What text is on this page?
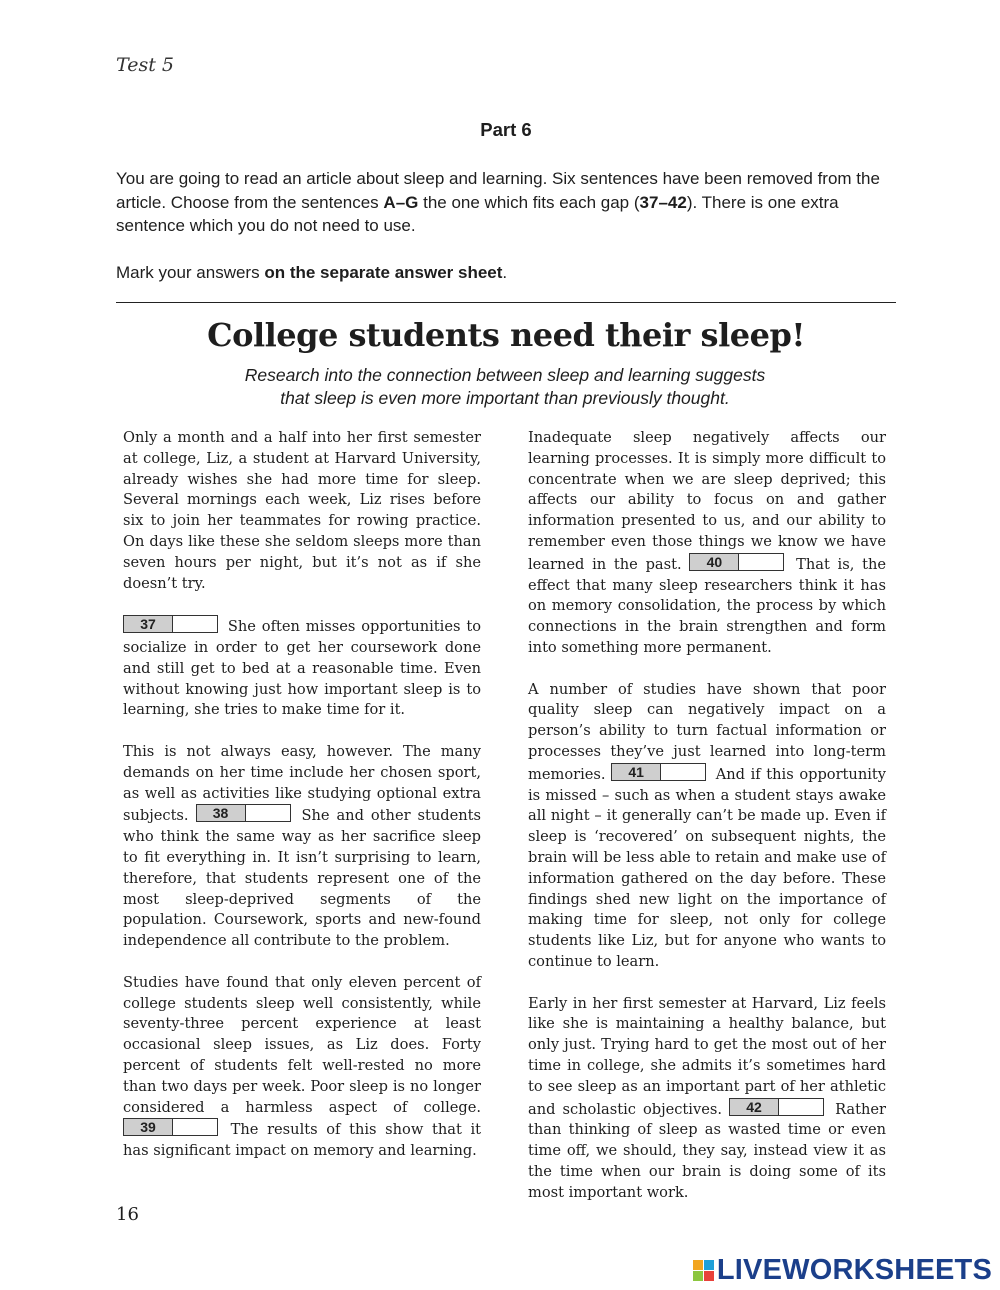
Test 5
Part 6

You are going to read an article about sleep and learning. Six sentences have been removed from the article. Choose from the sentences A–G the one which fits each gap (37–42). There is one extra sentence which you do not need to use.

Mark your answers on the separate answer sheet.

College students need their sleep!
Research into the connection between sleep and learning suggests
that sleep is even more important than previously thought.

Only a month and a half into her first semester at college, Liz, a student at Harvard University, already wishes she had more time for sleep. Several mornings each week, Liz rises before six to join her teammates for rowing practice. On days like these she seldom sleeps more than seven hours per night, but it’s not as if she doesn’t try.

37	She often misses opportunities to socialize in order to get her coursework done and still get to bed at a reasonable time. Even without knowing just how important sleep is to learning, she tries to make time for it.

This is not always easy, however. The many demands on her time include her chosen sport, as well as activities like studying optional extra subjects.	38	She and other students who think the same way as her sacrifice sleep to fit everything in. It isn’t surprising to learn, therefore, that students represent one of the most sleep-deprived segments of the population. Coursework, sports and new-found independence all contribute to the problem.

Studies have found that only eleven percent of college students sleep well consistently, while seventy-three percent experience at least occasional sleep issues, as Liz does. Forty percent of students felt well-rested no more than two days per week. Poor sleep is no longer considered a harmless aspect of college.
39	The results of this show that it has significant impact on memory and learning.

Inadequate sleep negatively affects our learning processes. It is simply more difficult to concentrate when we are sleep deprived; this affects our ability to focus on and gather information presented to us, and our ability to remember even those things we know we have learned in the past.	40	That is, the effect that many sleep researchers think it has on memory consolidation, the process by which connections in the brain strengthen and form into something more permanent.

A number of studies have shown that poor quality sleep can negatively impact on a person’s ability to turn factual information or processes they’ve just learned into long-term memories.	41	And if this opportunity is missed – such as when a student stays awake all night – it generally can’t be made up. Even if sleep is ‘recovered’ on subsequent nights, the brain will be less able to retain and make use of information gathered on the day before. These findings shed new light on the importance of making time for sleep, not only for college students like Liz, but for anyone who wants to continue to learn.

Early in her first semester at Harvard, Liz feels like she is maintaining a healthy balance, but only just. Trying hard to get the most out of her time in college, she admits it’s sometimes hard to see sleep as an important part of her athletic and scholastic objectives.	42	Rather than thinking of sleep as wasted time or even time off, we should, they say, instead view it as the time when our brain is doing some of its most important work.

16
LIVEWORKSHEETS
